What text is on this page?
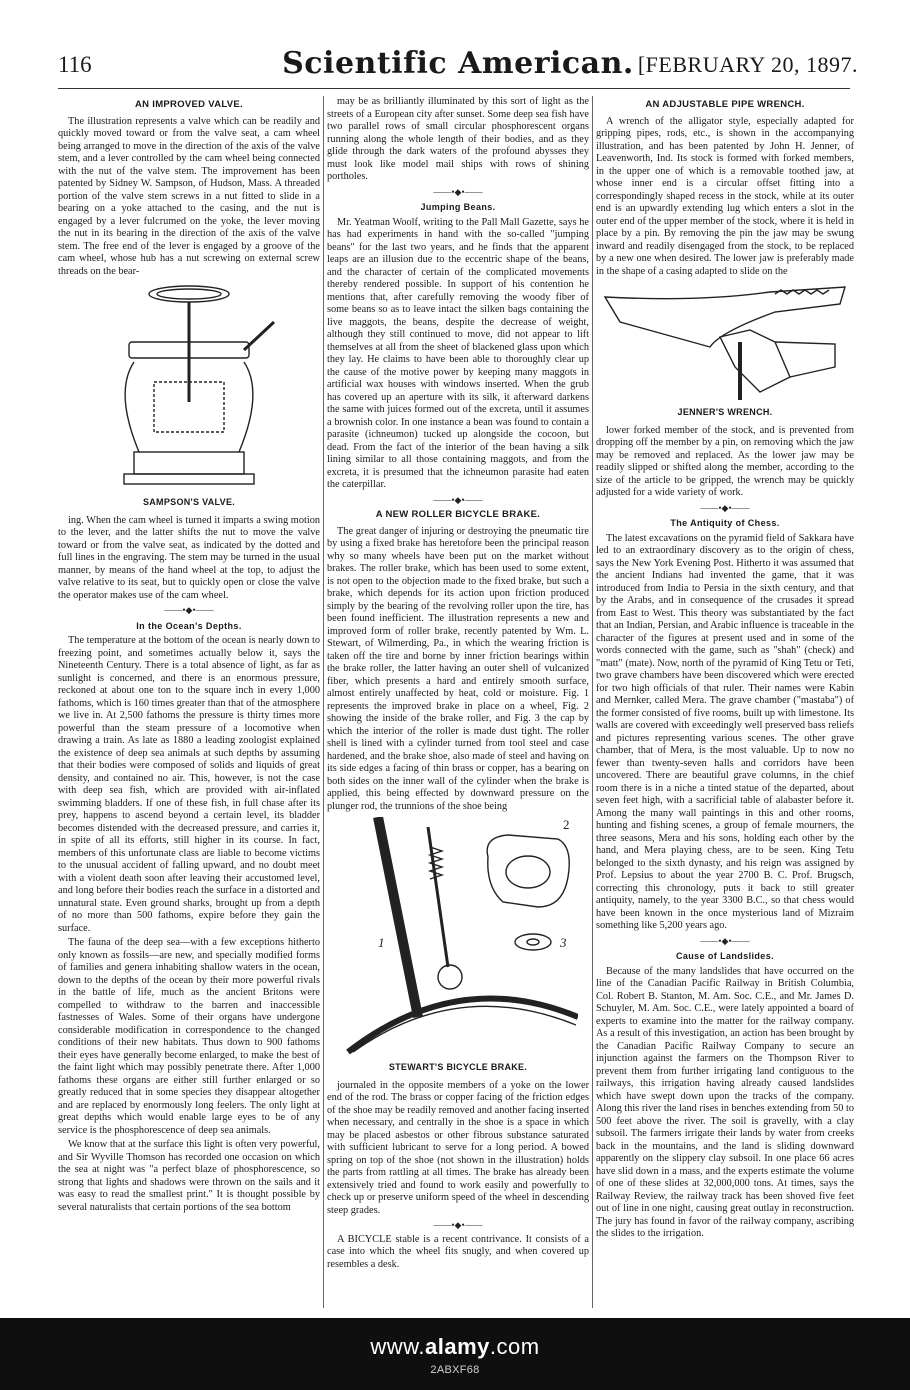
116	Scientific American. [FEBRUARY 20, 1897.
AN IMPROVED VALVE.

The illustration represents a valve which can be readily and quickly moved toward or from the valve seat, a cam wheel being arranged to move in the direction of the axis of the valve stem, and a lever controlled by the cam wheel being connected with the nut of the valve stem. The improvement has been patented by Sidney W. Sampson, of Hudson, Mass. A threaded portion of the valve stem screws in a nut fitted to slide in a bearing on a yoke attached to the casing, and the nut is engaged by a lever fulcrumed on the yoke, the lever moving the nut in its bearing in the direction of the axis of the valve stem. The free end of the lever is engaged by a groove of the cam wheel, whose hub has a nut screwing on external screw threads on the bear-

SAMPSON'S VALVE.

ing. When the cam wheel is turned it imparts a swing motion to the lever, and the latter shifts the nut to move the valve toward or from the valve seat, as indicated by the dotted and full lines in the engraving. The stem may be turned in the usual manner, by means of the hand wheel at the top, to adjust the valve relative to its seat, but to quickly open or close the valve the operator makes use of the cam wheel.

——•◆•——
In the Ocean's Depths.

The temperature at the bottom of the ocean is nearly down to freezing point, and sometimes actually below it, says the Nineteenth Century. There is a total absence of light, as far as sunlight is concerned, and there is an enormous pressure, reckoned at about one ton to the square inch in every 1,000 fathoms, which is 160 times greater than that of the atmosphere we live in. At 2,500 fathoms the pressure is thirty times more powerful than the steam pressure of a locomotive when drawing a train. As late as 1880 a leading zoologist explained the existence of deep sea animals at such depths by assuming that their bodies were composed of solids and liquids of great density, and contained no air. This, however, is not the case with deep sea fish, which are provided with air-inflated swimming bladders. If one of these fish, in full chase after its prey, happens to ascend beyond a certain level, its bladder becomes distended with the decreased pressure, and carries it, in spite of all its efforts, still higher in its course. In fact, members of this unfortunate class are liable to become victims to the unusual accident of falling upward, and no doubt meet with a violent death soon after leaving their accustomed level, and long before their bodies reach the surface in a distorted and unnatural state. Even ground sharks, brought up from a depth of no more than 500 fathoms, expire before they gain the surface.

The fauna of the deep sea—with a few exceptions hitherto only known as fossils—are new, and specially modified forms of families and genera inhabiting shallow waters in the ocean, down to the depths of the ocean by their more powerful rivals in the battle of life, much as the ancient Britons were compelled to withdraw to the barren and inaccessible fastnesses of Wales. Some of their organs have undergone considerable modification in correspondence to the changed conditions of their new habitats. Thus down to 900 fathoms their eyes have generally become enlarged, to make the best of the faint light which may possibly penetrate there. After 1,000 fathoms these organs are either still further enlarged or so greatly reduced that in some species they disappear altogether and are replaced by enormously long feelers. The only light at great depths which would enable large eyes to be of any service is the phosphorescence of deep sea animals.

We know that at the surface this light is often very powerful, and Sir Wyville Thomson has recorded one occasion on which the sea at night was "a perfect blaze of phosphorescence, so strong that lights and shadows were thrown on the sails and it was easy to read the smallest print." It is thought possible by several naturalists that certain portions of the sea bottom

may be as brilliantly illuminated by this sort of light as the streets of a European city after sunset. Some deep sea fish have two parallel rows of small circular phosphorescent organs running along the whole length of their bodies, and as they glide through the dark waters of the profound abysses they must look like model mail ships with rows of shining portholes.

——•◆•——
Jumping Beans.

Mr. Yeatman Woolf, writing to the Pall Mall Gazette, says he has had experiments in hand with the so-called "jumping beans" for the last two years, and he finds that the apparent leaps are an illusion due to the eccentric shape of the beans, and the character of certain of the complicated movements thereby rendered possible. In support of his contention he mentions that, after carefully removing the woody fiber of some beans so as to leave intact the silken bags containing the live maggots, the beans, despite the decrease of weight, although they still continued to move, did not appear to lift themselves at all from the sheet of blackened glass upon which they lay. He claims to have been able to thoroughly clear up the cause of the motive power by keeping many maggots in artificial wax houses with windows inserted. When the grub has covered up an aperture with its silk, it afterward darkens the same with juices formed out of the excreta, until it assumes a brownish color. In one instance a bean was found to contain a parasite (ichneumon) tucked up alongside the cocoon, but dead. From the fact of the interior of the bean having a silk lining similar to all those containing maggots, and from the excreta, it is presumed that the ichneumon parasite had eaten the caterpillar.

——•◆•——
A NEW ROLLER BICYCLE BRAKE.

The great danger of injuring or destroying the pneumatic tire by using a fixed brake has heretofore been the principal reason why so many wheels have been put on the market without brakes. The roller brake, which has been used to some extent, is not open to the objection made to the fixed brake, but such a brake, which depends for its action upon friction produced simply by the bearing of the revolving roller upon the tire, has been found inefficient. The illustration represents a new and improved form of roller brake, recently patented by Wm. L. Stewart, of Wilmerding, Pa., in which the wearing friction is taken off the tire and borne by inner friction bearings within the brake roller, the latter having an outer shell of vulcanized fiber, which presents a hard and entirely smooth surface, almost entirely unaffected by heat, cold or moisture. Fig. 1 represents the improved brake in place on a wheel, Fig. 2 showing the inside of the brake roller, and Fig. 3 the cap by which the interior of the roller is made dust tight. The roller shell is lined with a cylinder turned from tool steel and case hardened, and the brake shoe, also made of steel and having on its side edges a facing of thin brass or copper, has a bearing on both sides on the inner wall of the cylinder when the brake is applied, this being effected by downward pressure on the plunger rod, the trunnions of the shoe being

1
2
3
STEWART'S BICYCLE BRAKE.

journaled in the opposite members of a yoke on the lower end of the rod. The brass or copper facing of the friction edges of the shoe may be readily removed and another facing inserted when necessary, and centrally in the shoe is a space in which may be placed asbestos or other fibrous substance saturated with sufficient lubricant to serve for a long period. A bowed spring on top of the shoe (not shown in the illustration) holds the parts from rattling at all times. The brake has already been extensively tried and found to work easily and powerfully to check up or preserve uniform speed of the wheel in descending steep grades.

——•◆•——

A BICYCLE stable is a recent contrivance. It consists of a case into which the wheel fits snugly, and when covered up resembles a desk.

AN ADJUSTABLE PIPE WRENCH.

A wrench of the alligator style, especially adapted for gripping pipes, rods, etc., is shown in the accompanying illustration, and has been patented by John H. Jenner, of Leavenworth, Ind. Its stock is formed with forked members, in the upper one of which is a removable toothed jaw, at whose inner end is a circular offset fitting into a correspondingly shaped recess in the stock, while at its outer end is an upwardly extending lug which enters a slot in the outer end of the upper member of the stock, where it is held in place by a pin. By removing the pin the jaw may be swung inward and readily disengaged from the stock, to be replaced by a new one when desired. The lower jaw is preferably made in the shape of a casing adapted to slide on the

JENNER'S WRENCH.

lower forked member of the stock, and is prevented from dropping off the member by a pin, on removing which the jaw may be removed and replaced. As the lower jaw may be readily slipped or shifted along the member, according to the size of the article to be gripped, the wrench may be quickly adjusted for a wide variety of work.

——•◆•——
The Antiquity of Chess.

The latest excavations on the pyramid field of Sakkara have led to an extraordinary discovery as to the origin of chess, says the New York Evening Post. Hitherto it was assumed that the ancient Indians had invented the game, that it was introduced from India to Persia in the sixth century, and that by the Arabs, and in consequence of the crusades it spread from East to West. This theory was substantiated by the fact that an Indian, Persian, and Arabic influence is traceable in the character of the figures at present used and in some of the words connected with the game, such as "shah" (check) and "matt" (mate). Now, north of the pyramid of King Tetu or Teti, two grave chambers have been discovered which were erected for two high officials of that ruler. Their names were Kabin and Mernker, called Mera. The grave chamber ("mastaba") of the former consisted of five rooms, built up with limestone. Its walls are covered with exceedingly well preserved bass reliefs and pictures representing various scenes. The other grave chamber, that of Mera, is the most valuable. Up to now no fewer than twenty-seven halls and corridors have been uncovered. There are beautiful grave columns, in the chief room there is in a niche a tinted statue of the departed, about seven feet high, with a sacrificial table of alabaster before it. Among the many wall paintings in this and other rooms, hunting and fishing scenes, a group of female mourners, the three seasons, Mera and his sons, holding each other by the hand, and Mera playing chess, are to be seen. King Tetu belonged to the sixth dynasty, and his reign was assigned by Prof. Lepsius to about the year 2700 B. C. Prof. Brugsch, correcting this chronology, puts it back to still greater antiquity, namely, to the year 3300 B.C., so that chess would have been known in the once mysterious land of Mizraim something like 5,200 years ago.

——•◆•——
Cause of Landslides.

Because of the many landslides that have occurred on the line of the Canadian Pacific Railway in British Columbia, Col. Robert B. Stanton, M. Am. Soc. C.E., and Mr. James D. Schuyler, M. Am. Soc. C.E., were lately appointed a board of experts to examine into the matter for the railway company. As a result of this investigation, an action has been brought by the Canadian Pacific Railway Company to secure an injunction against the farmers on the Thompson River to prevent them from further irrigating land contiguous to the railways, this irrigation having already caused landslides which have swept down upon the tracks of the company. Along this river the land rises in benches extending from 50 to 500 feet above the river. The soil is gravelly, with a clay subsoil. The farmers irrigate their lands by water from creeks back in the mountains, and the land is sliding downward apparently on the slippery clay subsoil. In one place 66 acres have slid down in a mass, and the experts estimate the volume of one of these slides at 32,000,000 tons. At times, says the Railway Review, the railway track has been shoved five feet out of line in one night, causing great outlay in reconstruction. The jury has found in favor of the railway company, ascribing the slides to the irrigation.

www.alamy.com
2ABXF68
